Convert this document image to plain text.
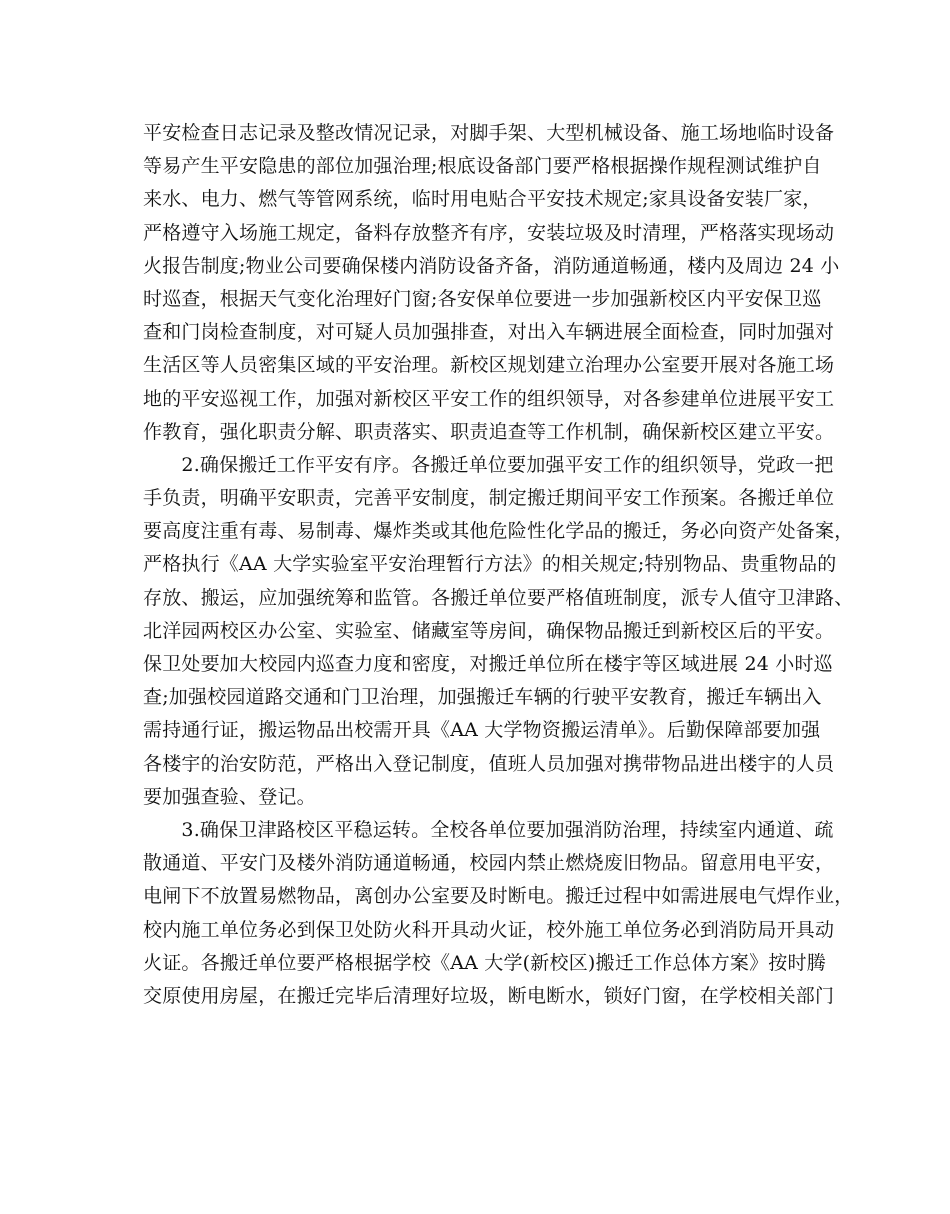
平安检查日志记录及整改情况记录，对脚手架、大型机械设备、施工场地临时设备
等易产生平安隐患的部位加强治理;根底设备部门要严格根据操作规程测试维护自
来水、电力、燃气等管网系统，临时用电贴合平安技术规定;家具设备安装厂家，
严格遵守入场施工规定，备料存放整齐有序，安装垃圾及时清理，严格落实现场动
火报告制度;物业公司要确保楼内消防设备齐备，消防通道畅通，楼内及周边 24 小
时巡查，根据天气变化治理好门窗;各安保单位要进一步加强新校区内平安保卫巡
查和门岗检查制度，对可疑人员加强排查，对出入车辆进展全面检查，同时加强对
生活区等人员密集区域的平安治理。新校区规划建立治理办公室要开展对各施工场
地的平安巡视工作，加强对新校区平安工作的组织领导，对各参建单位进展平安工
作教育，强化职责分解、职责落实、职责追查等工作机制，确保新校区建立平安。
　　2.确保搬迁工作平安有序。各搬迁单位要加强平安工作的组织领导，党政一把
手负责，明确平安职责，完善平安制度，制定搬迁期间平安工作预案。各搬迁单位
要高度注重有毒、易制毒、爆炸类或其他危险性化学品的搬迁，务必向资产处备案，
严格执行《AA 大学实验室平安治理暂行方法》的相关规定;特别物品、贵重物品的
存放、搬运，应加强统筹和监管。各搬迁单位要严格值班制度，派专人值守卫津路、
北洋园两校区办公室、实验室、储藏室等房间，确保物品搬迁到新校区后的平安。
保卫处要加大校园内巡查力度和密度，对搬迁单位所在楼宇等区域进展 24 小时巡
查;加强校园道路交通和门卫治理，加强搬迁车辆的行驶平安教育，搬迁车辆出入
需持通行证，搬运物品出校需开具《AA 大学物资搬运清单》。后勤保障部要加强
各楼宇的治安防范，严格出入登记制度，值班人员加强对携带物品进出楼宇的人员
要加强查验、登记。
　　3.确保卫津路校区平稳运转。全校各单位要加强消防治理，持续室内通道、疏
散通道、平安门及楼外消防通道畅通，校园内禁止燃烧废旧物品。留意用电平安，
电闸下不放置易燃物品，离创办公室要及时断电。搬迁过程中如需进展电气焊作业，
校内施工单位务必到保卫处防火科开具动火证，校外施工单位务必到消防局开具动
火证。各搬迁单位要严格根据学校《AA 大学(新校区)搬迁工作总体方案》按时腾
交原使用房屋，在搬迁完毕后清理好垃圾，断电断水，锁好门窗，在学校相关部门
